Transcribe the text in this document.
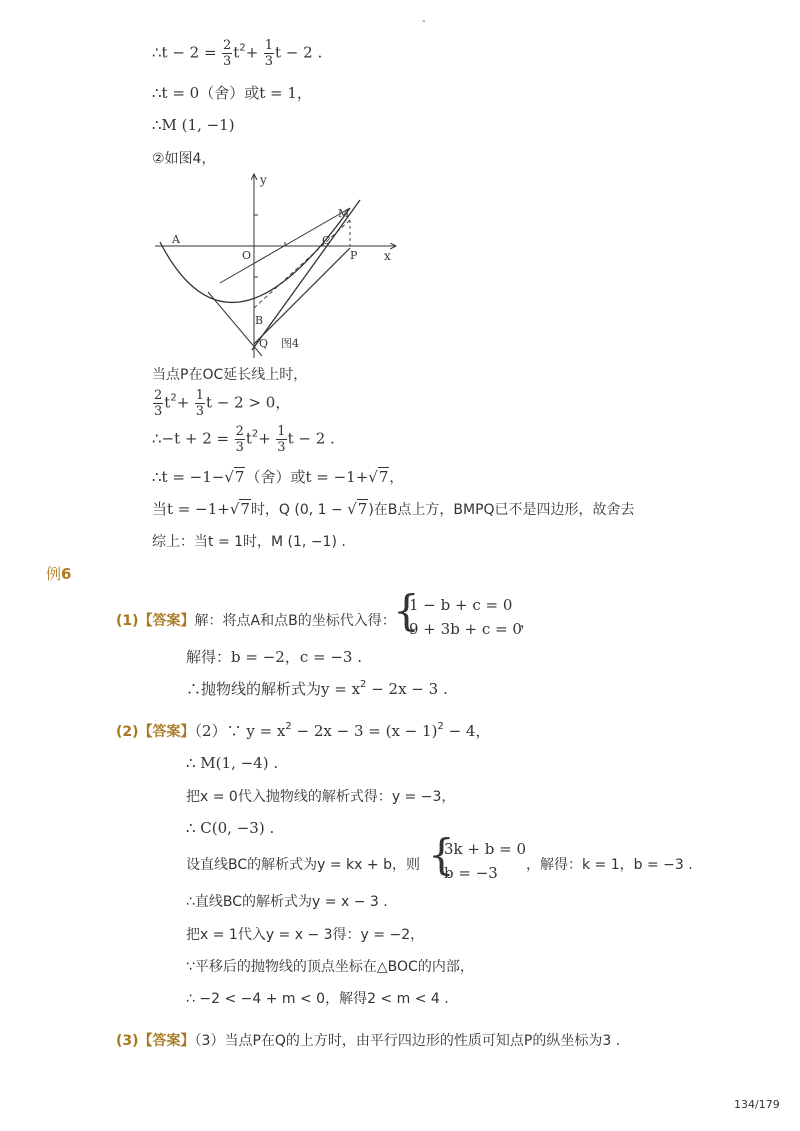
-
∴t − $2 = \frac{2}{3} t^2+ \frac{1}{3}$ t − 2 .
∴t = 0（舍）或t = 1，
∴M (1, −1)
②如图4，
y
x
A
O
C
M
P
B
Q 图4
当点P在OC延长线上时，
$\frac{2}{3} t^2+ \frac{1}{3}$ t − 2 > 0，
∴−t + $2 = \frac{2}{3} t^2+ \frac{1}{3}$ t − 2 .
∴t = −1−√7（舍）或t = −1+√7，
当t = −1+√7时，Q (0, 1 − √7)在B点上方，BMPQ已不是四边形，故舍去
综上：当t = 1时，M (1, −1) .
例6
(1)【答案】解：将点A和点B的坐标代入得：
{
1 − b + c = 0
9 + 3b + c = 0
，
解得：b = −2，c = −3 .
∴抛物线的解析式为$y = x^2 - 2x - 3$ .
(2)【答案】（2）∵ $y = x^2 - 2x - 3 = (x - 1)^2 - 4$，
∴ M(1, −4) .
把x = 0代入抛物线的解析式得：y = −3，
∴ C(0, −3) .
设直线BC的解析式为y = kx + b，则 {
3k + b = 0
b = −3 ，解得：k = 1，b = −3 .
∴直线BC的解析式为y = x − 3 .
把x = 1代入y = x − 3得：y = −2，
∵平移后的抛物线的顶点坐标在△BOC的内部，
∴ −2 < −4 + m < 0，解得2 < m < 4 .
(3)【答案】（3）当点P在Q的上方时，由平行四边形的性质可知点P的纵坐标为3 .
134/179
